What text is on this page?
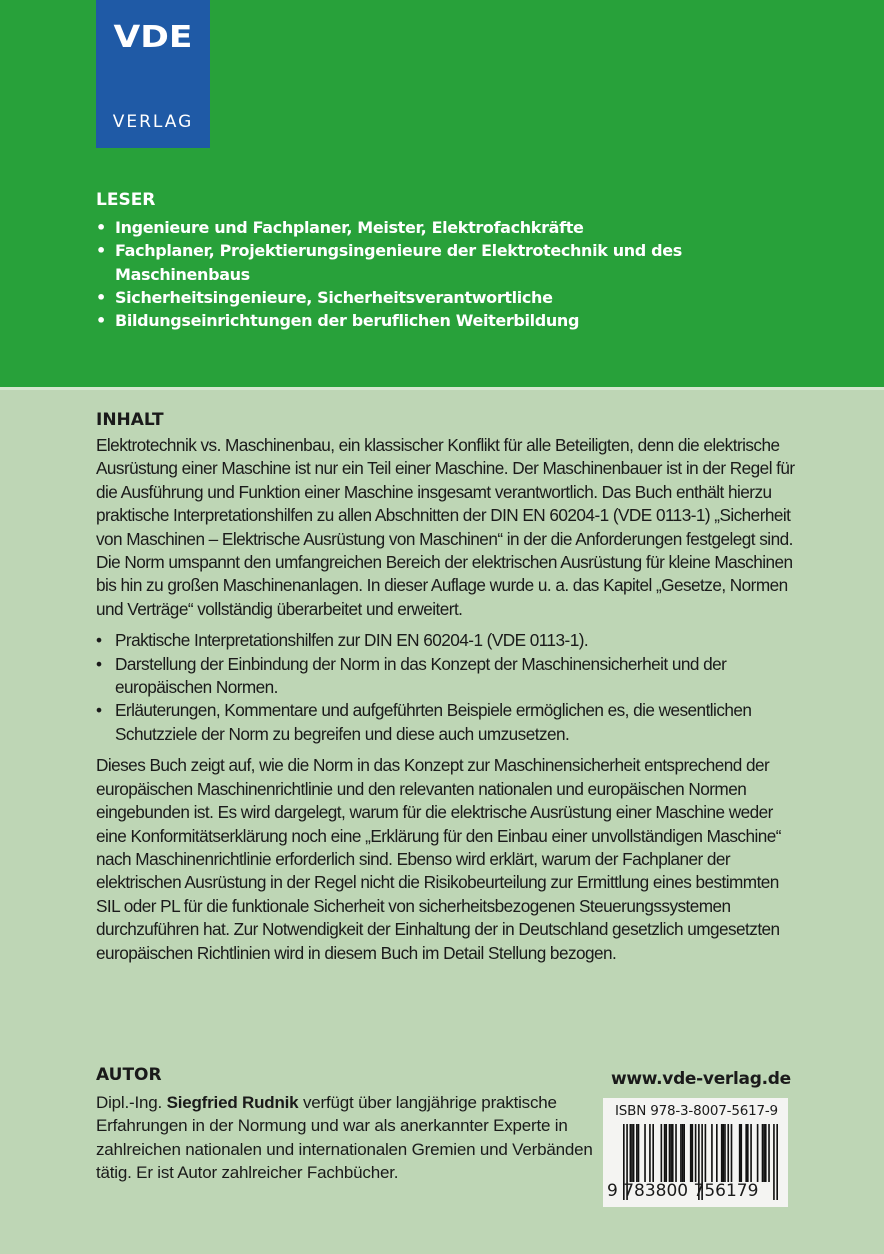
VDE
VERLAG
LESER
• Ingenieure und Fachplaner, Meister, Elektrofachkräfte
• Fachplaner, Projektierungsingenieure der Elektrotechnik und des Maschinenbaus
• Sicherheitsingenieure, Sicherheitsverantwortliche
• Bildungseinrichtungen der beruflichen Weiterbildung
INHALT

Elektrotechnik vs. Maschinenbau, ein klassischer Konflikt für alle Beteiligten, denn die elektrische Ausrüstung einer Maschine ist nur ein Teil einer Maschine. Der Maschinenbauer ist in der Regel für die Ausführung und Funktion einer Maschine insgesamt verantwortlich. Das Buch enthält hierzu praktische Interpretationshilfen zu allen Abschnitten der DIN EN 60204-1 (VDE 0113-1) „Sicherheit von Maschinen – Elektrische Ausrüstung von Maschinen“ in der die Anforderungen festgelegt sind. Die Norm umspannt den umfangreichen Bereich der elektrischen Ausrüstung für kleine Maschinen bis hin zu großen Maschinenanlagen. In dieser Auflage wurde u. a. das Kapitel „Gesetze, Normen und Verträge“ vollständig überarbeitet und erweitert.

• Praktische Interpretationshilfen zur DIN EN 60204-1 (VDE 0113-1).
• Darstellung der Einbindung der Norm in das Konzept der Maschinensicherheit und der europäischen Normen.
• Erläuterungen, Kommentare und aufgeführten Beispiele ermöglichen es, die wesentlichen Schutzziele der Norm zu begreifen und diese auch umzusetzen.

Dieses Buch zeigt auf, wie die Norm in das Konzept zur Maschinensicherheit entsprechend der europäischen Maschinenrichtlinie und den relevanten nationalen und europäischen Normen eingebunden ist. Es wird dargelegt, warum für die elektrische Ausrüstung einer Maschine weder eine Konformitätserklärung noch eine „Erklärung für den Einbau einer unvollständigen Maschine“ nach Maschinenrichtlinie erforderlich sind. Ebenso wird erklärt, warum der Fachplaner der elektrischen Ausrüstung in der Regel nicht die Risikobeurteilung zur Ermittlung eines bestimmten SIL oder PL für die funktionale Sicherheit von sicherheitsbezogenen Steuerungssystemen durchzuführen hat. Zur Notwendigkeit der Einhaltung der in Deutschland gesetzlich umgesetzten europäischen Richtlinien wird in diesem Buch im Detail Stellung bezogen.

AUTOR

Dipl.-Ing. Siegfried Rudnik verfügt über langjährige praktische Erfahrungen in der Normung und war als anerkannter Experte in zahlreichen nationalen und internationalen Gremien und Verbänden tätig. Er ist Autor zahlreicher Fachbücher.

www.vde-verlag.de
ISBN 978-3-8007-5617-9
9 783800 756179
